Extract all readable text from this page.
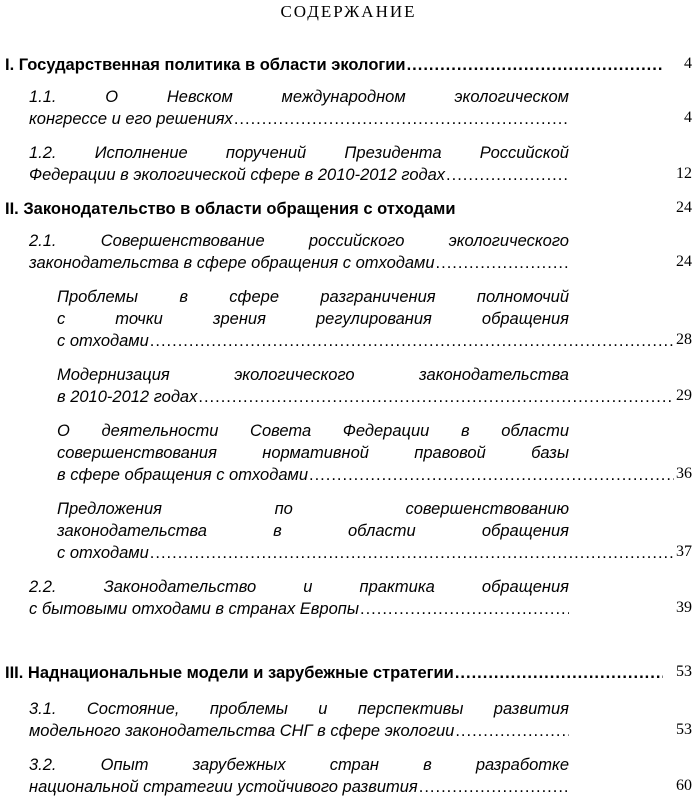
СОДЕРЖАНИЕ
I. Государственная политика в области экологии .....	4
1.1. О Невском международном экологическом
конгрессе и его решениях .....	4
1.2. Исполнение поручений Президента Российской
Федерации в экологической сфере в 2010-2012 годах .....	12
II. Законодательство в области обращения с отходами	24
2.1. Совершенствование российского экологического
законодательства в сфере обращения с отходами .....	24
Проблемы в сфере разграничения полномочий
с точки зрения регулирования обращения
с отходами .....	28
Модернизация экологического законодательства
в 2010-2012 годах .....	29
О деятельности Совета Федерации в области
совершенствования нормативной правовой базы
в сфере обращения с отходами .....	36
Предложения по совершенствованию
законодательства в области обращения
с отходами .....	37
2.2. Законодательство и практика обращения
с бытовыми отходами в странах Европы .....	39
III. Наднациональные модели и зарубежные стратегии .....	53
3.1. Состояние, проблемы и перспективы развития
модельного законодательства СНГ в сфере экологии .....	53
3.2. Опыт зарубежных стран в разработке
национальной стратегии устойчивого развития .....	60
